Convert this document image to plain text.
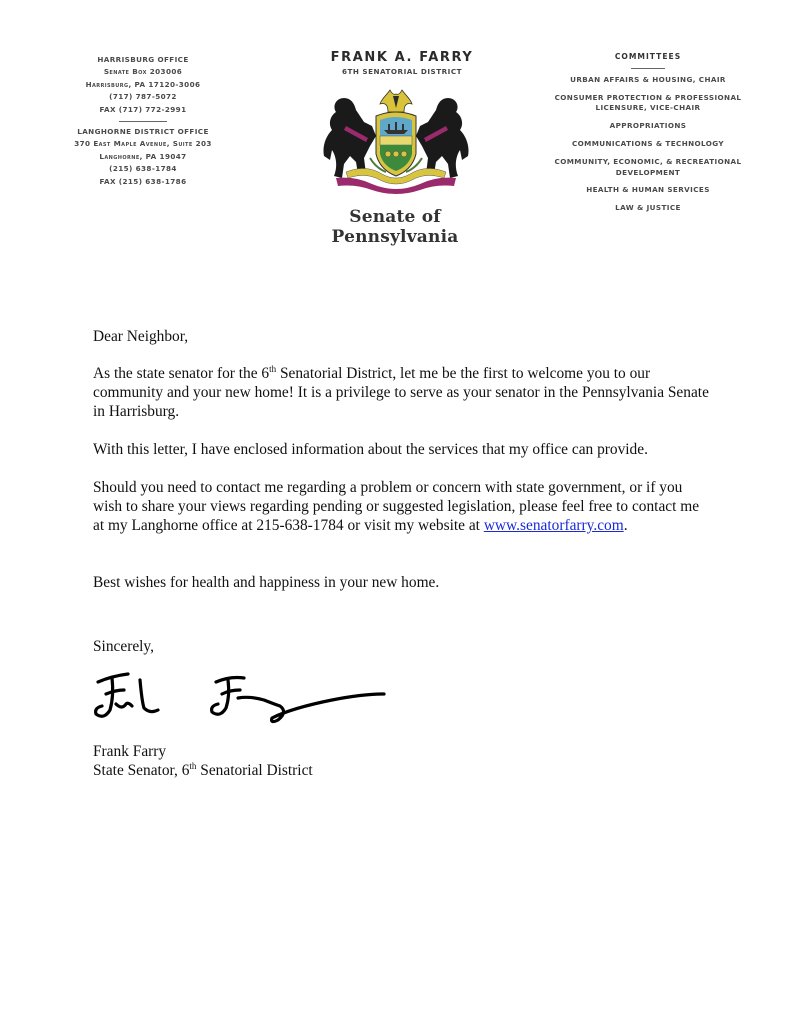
HARRISBURG OFFICE
Senate Box 203006
Harrisburg, PA 17120-3006
(717) 787-5072
FAX (717) 772-2991
LANGHORNE DISTRICT OFFICE
370 East Maple Avenue, Suite 203
Langhorne, PA 19047
(215) 638-1784
FAX (215) 638-1786
FRANK A. FARRY
6TH SENATORIAL DISTRICT
Senate of Pennsylvania
COMMITTEES
URBAN AFFAIRS & HOUSING, CHAIR
CONSUMER PROTECTION & PROFESSIONAL LICENSURE, VICE-CHAIR
APPROPRIATIONS
COMMUNICATIONS & TECHNOLOGY
COMMUNITY, ECONOMIC, & RECREATIONAL DEVELOPMENT
HEALTH & HUMAN SERVICES
LAW & JUSTICE
Dear Neighbor,
As the state senator for the 6th Senatorial District, let me be the first to welcome you to our community and your new home! It is a privilege to serve as your senator in the Pennsylvania Senate in Harrisburg.
With this letter, I have enclosed information about the services that my office can provide.
Should you need to contact me regarding a problem or concern with state government, or if you wish to share your views regarding pending or suggested legislation, please feel free to contact me at my Langhorne office at 215-638-1784 or visit my website at www.senatorfarry.com.
Best wishes for health and happiness in your new home.
Sincerely,
Frank Farry
State Senator, 6th Senatorial District
